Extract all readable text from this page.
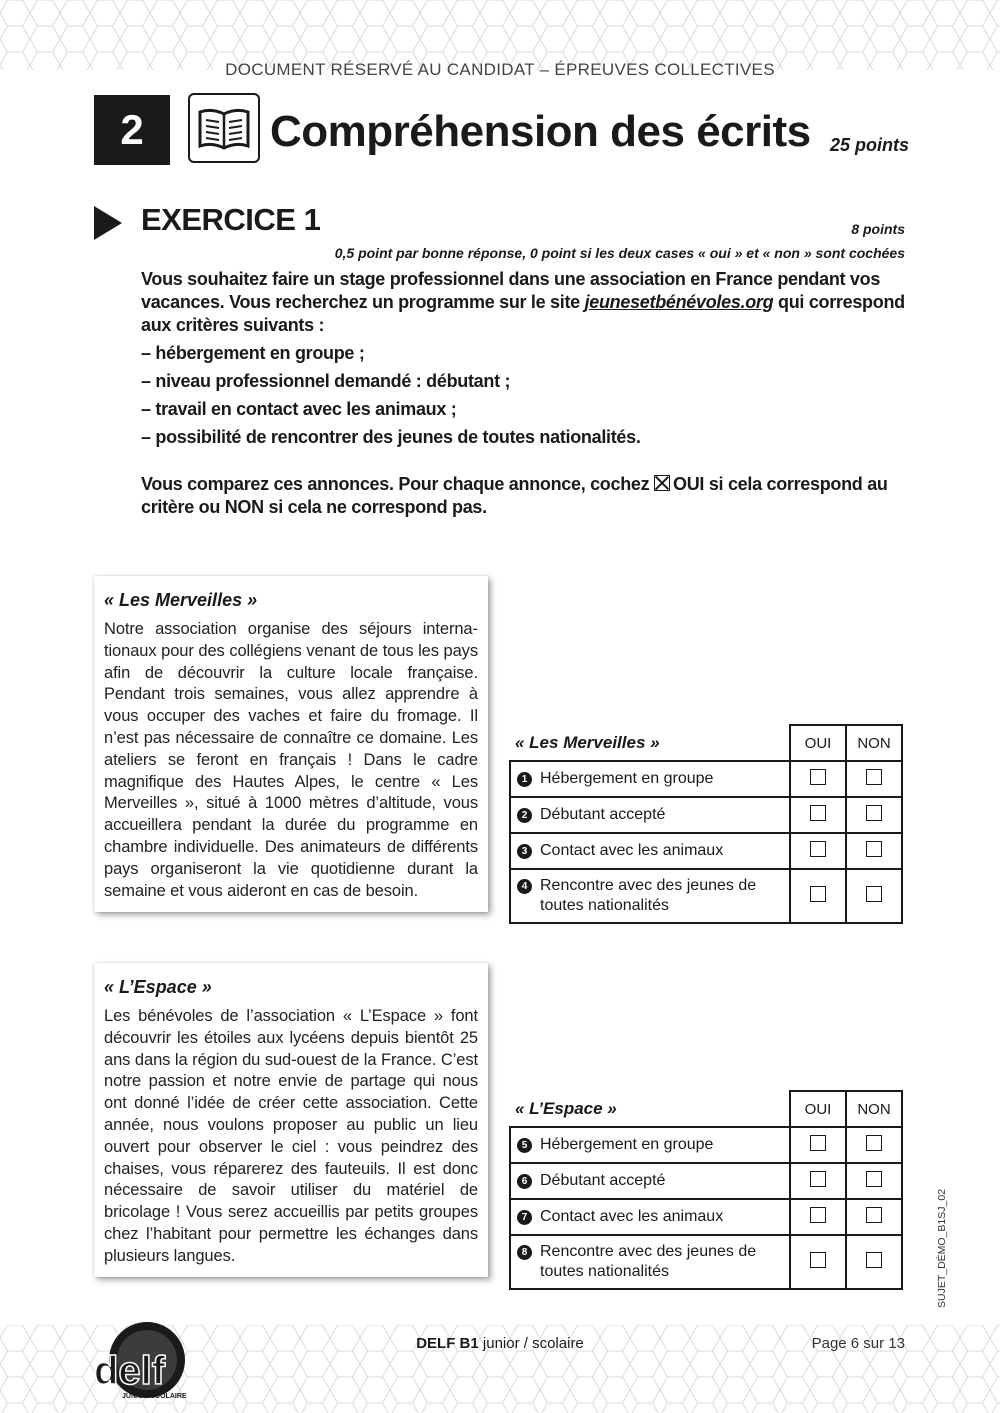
DOCUMENT RÉSERVÉ AU CANDIDAT – ÉPREUVES COLLECTIVES
2	Compréhension des écrits 25 points
EXERCICE 1	8 points
0,5 point par bonne réponse, 0 point si les deux cases « oui » et « non » sont cochées

Vous souhaitez faire un stage professionnel dans une association en France pendant vos vacances. Vous recherchez un programme sur le site jeunesetbénévoles.org qui correspond aux critères suivants :

– hébergement en groupe ;

– niveau professionnel demandé : débutant ;

– travail en contact avec les animaux ;

– possibilité de rencontrer des jeunes de toutes nationalités.

Vous comparez ces annonces. Pour chaque annonce, cochez OUI si cela correspond au critère ou NON si cela ne correspond pas.

« Les Merveilles »
Notre association organise des séjours internationaux pour des collégiens venant de tous les pays afin de découvrir la culture locale française. Pendant trois semaines, vous allez apprendre à vous occuper des vaches et faire du fromage. Il n’est pas nécessaire de connaître ce domaine. Les ateliers se feront en français ! Dans le cadre magnifique des Hautes Alpes, le centre « Les Merveilles », situé à 1000 mètres d’altitude, vous accueillera pendant la durée du programme en chambre individuelle. Des animateurs de différents pays organiseront la vie quotidienne durant la semaine et vous aideront en cas de besoin.
« Les Merveilles »	OUI	NON
1 Hébergement en groupe		
2 Débutant accepté		
3 Contact avec les animaux		

4 Rencontre avec des jeunes de toutes nationalités		

« L’Espace »
Les bénévoles de l’association « L’Espace » font découvrir les étoiles aux lycéens depuis bientôt 25 ans dans la région du sud-ouest de la France. C’est notre passion et notre envie de partage qui nous ont donné l’idée de créer cette association. Cette année, nous voulons proposer au public un lieu ouvert pour observer le ciel : vous peindrez des chaises, vous réparerez des fauteuils. Il est donc nécessaire de savoir utiliser du matériel de bricolage ! Vous serez accueillis par petits groupes chez l’habitant pour permettre les échanges dans plusieurs langues.
« L’Espace »	OUI	NON
5 Hébergement en groupe		
6 Débutant accepté		
7 Contact avec les animaux		

8 Rencontre avec des jeunes de toutes nationalités		
			SUJET_DÉMO_B1SJ_02
delf
JUNIOR SCOLAIRE
DELF B1 junior / scolaire	Page 6 sur 13
